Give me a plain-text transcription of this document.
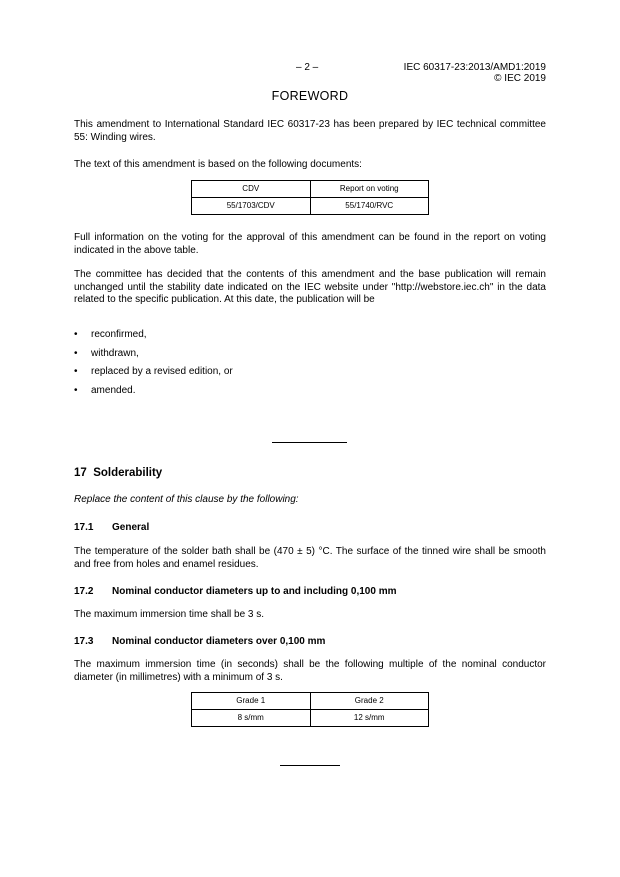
– 2 –	IEC 60317-23:2013/AMD1:2019
© IEC 2019
FOREWORD

This amendment to International Standard IEC 60317-23 has been prepared by IEC technical committee 55: Winding wires.

The text of this amendment is based on the following documents:

CDV	Report on voting
55/1703/CDV	55/1740/RVC

Full information on the voting for the approval of this amendment can be found in the report on voting indicated in the above table.

The committee has decided that the contents of this amendment and the base publication will remain unchanged until the stability date indicated on the IEC website under "http://webstore.iec.ch" in the data related to the specific publication. At this date, the publication will be

• reconfirmed,
• withdrawn,
• replaced by a revised edition, or
• amended.
17 Solderability

Replace the content of this clause by the following:

17.1 General

The temperature of the solder bath shall be (470 ± 5) °C. The surface of the tinned wire shall be smooth and free from holes and enamel residues.

17.2 Nominal conductor diameters up to and including 0,100 mm

The maximum immersion time shall be 3 s.

17.3 Nominal conductor diameters over 0,100 mm

The maximum immersion time (in seconds) shall be the following multiple of the nominal conductor diameter (in millimetres) with a minimum of 3 s.

Grade 1	Grade 2
8 s/mm	12 s/mm
